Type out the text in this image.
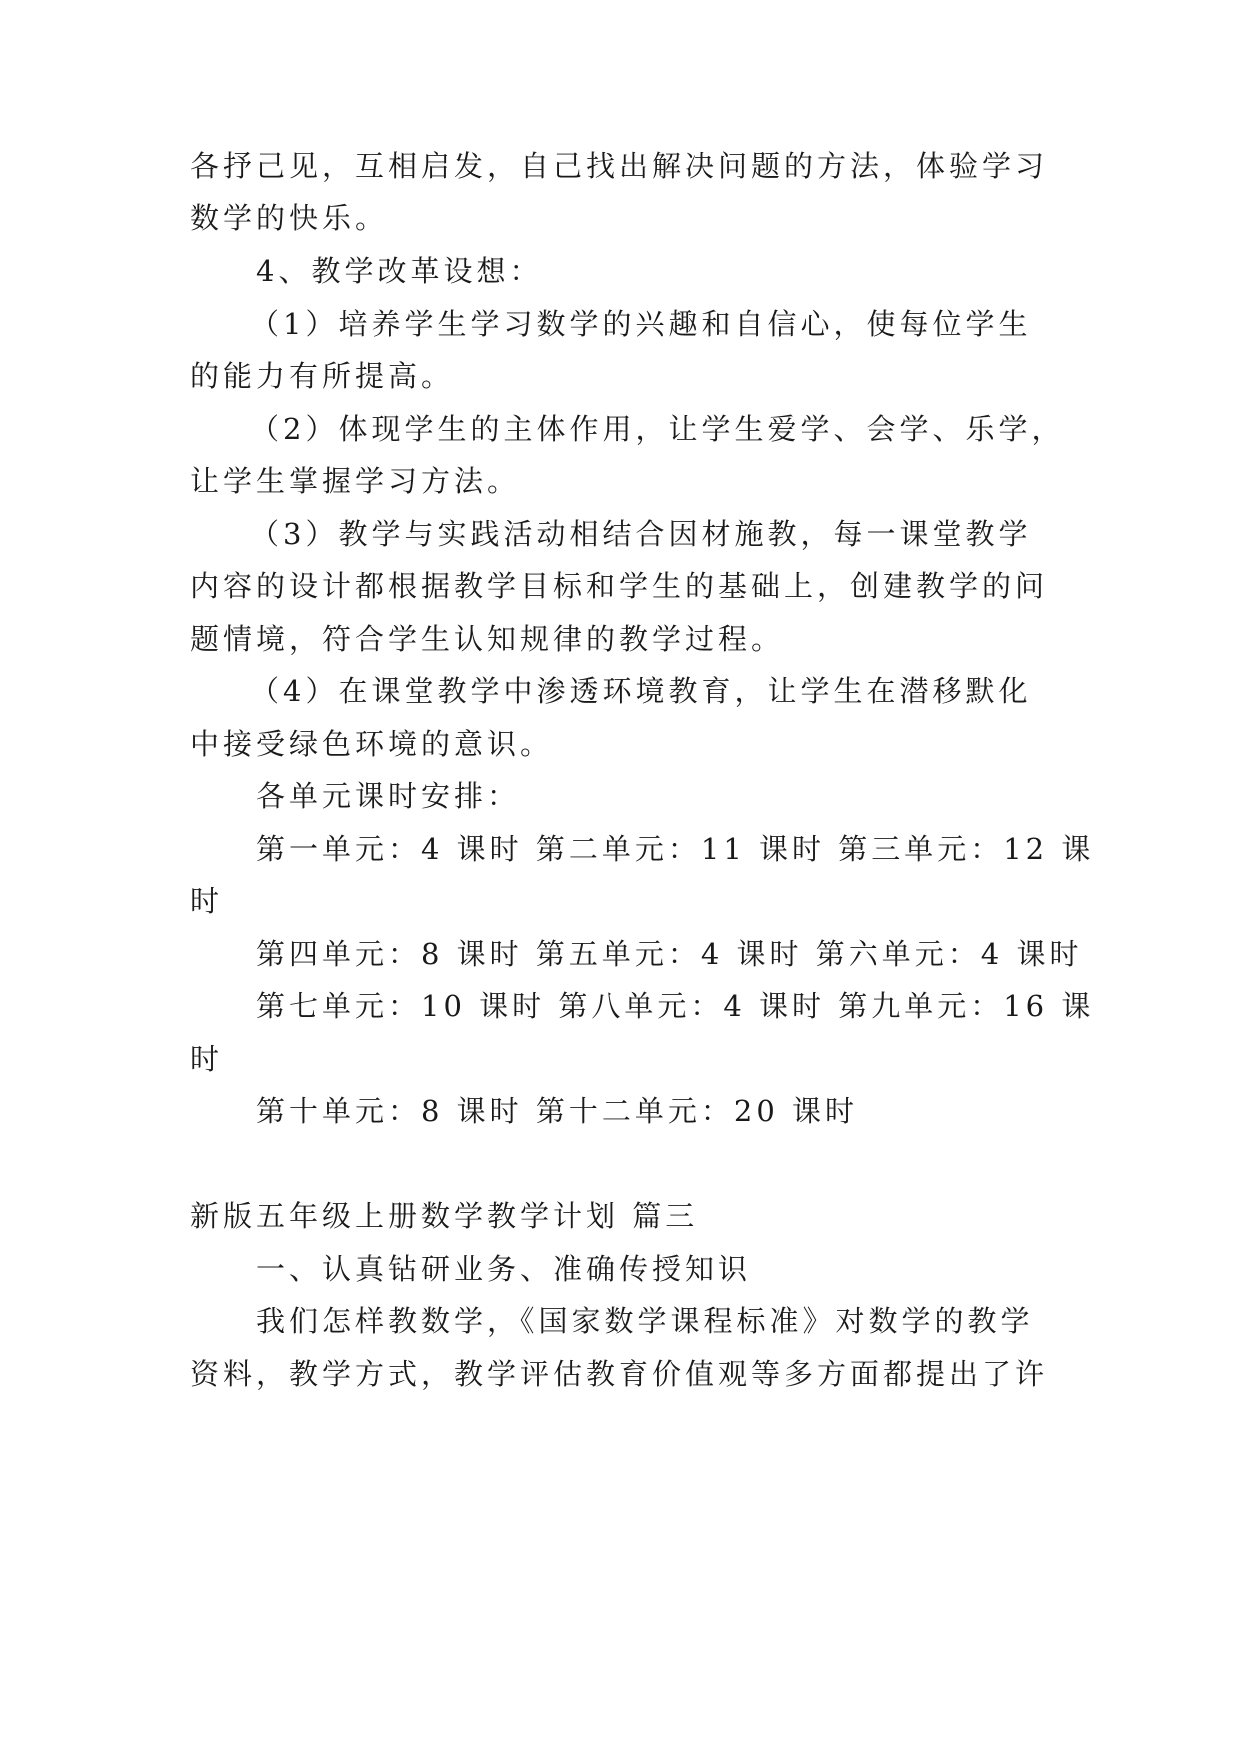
各抒己见，互相启发，自己找出解决问题的方法，体验学习
数学的快乐。
4、教学改革设想：
（1）培养学生学习数学的兴趣和自信心，使每位学生
的能力有所提高。
（2）体现学生的主体作用，让学生爱学、会学、乐学，
让学生掌握学习方法。
（3）教学与实践活动相结合因材施教，每一课堂教学
内容的设计都根据教学目标和学生的基础上，创建教学的问
题情境，符合学生认知规律的教学过程。
（4）在课堂教学中渗透环境教育，让学生在潜移默化
中接受绿色环境的意识。
各单元课时安排：
第一单元：4 课时 第二单元：11 课时 第三单元：12 课
时
第四单元：8 课时 第五单元：4 课时 第六单元：4 课时
第七单元：10 课时 第八单元：4 课时 第九单元：16 课
时
第十单元：8 课时 第十二单元：20 课时
新版五年级上册数学教学计划 篇三
一、认真钻研业务、准确传授知识
我们怎样教数学，《国家数学课程标准》对数学的教学
资料，教学方式，教学评估教育价值观等多方面都提出了许
